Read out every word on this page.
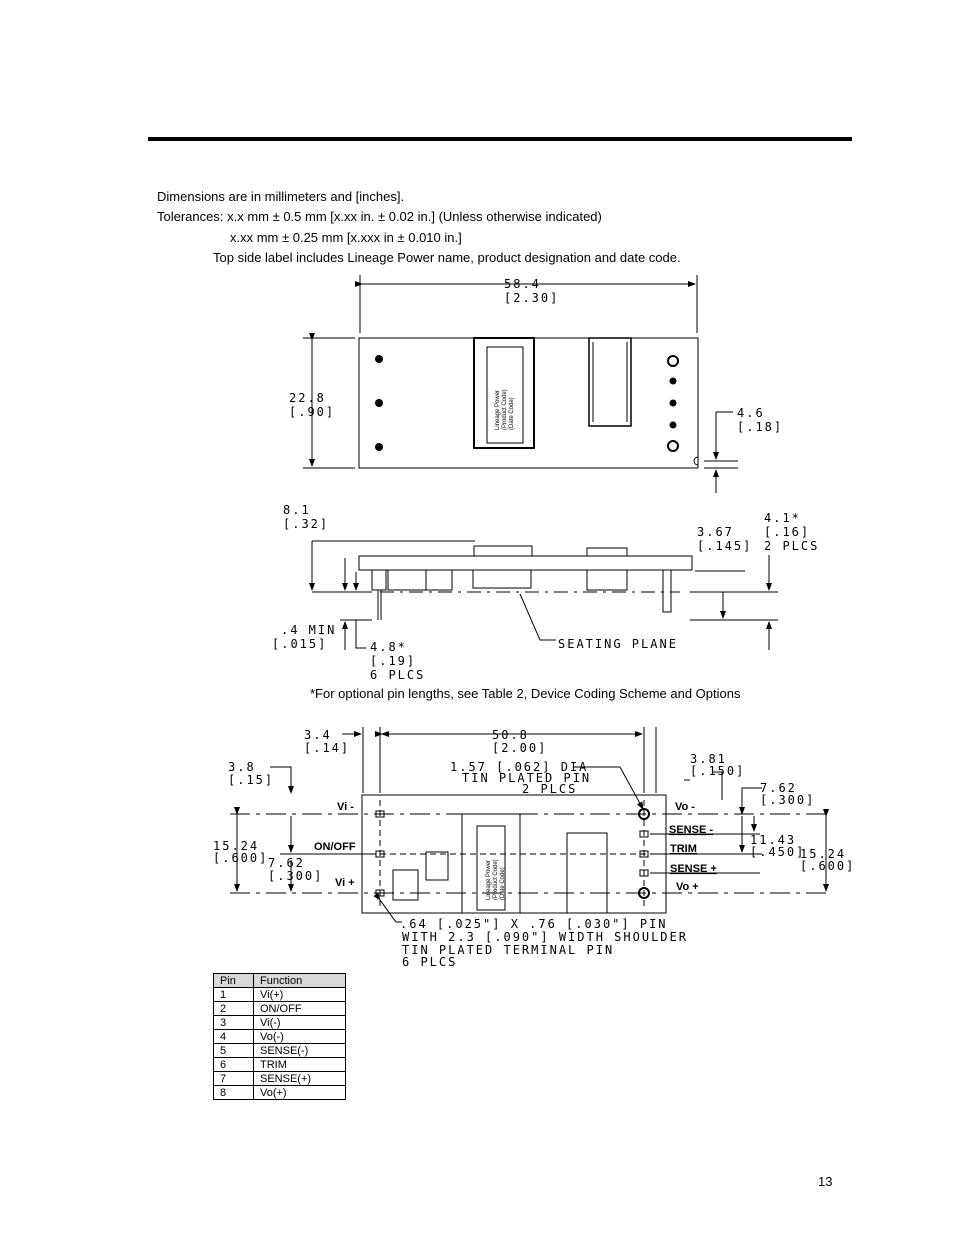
Dimensions are in millimeters and [inches].
Tolerances: x.x mm ± 0.5 mm [x.xx in. ± 0.02 in.] (Unless otherwise indicated)
x.xx mm ± 0.25 mm [x.xxx in ± 0.010 in.]
Top side label includes Lineage Power name, product designation and date code.
58.4
[2.30]
22.8
[.90]	4.6
[.18]
Lineage Power (Product Code) (Date Code)
8.1
[.32]
3.67
[.145]
4.1*
[.16]
2 PLCS
.4 MIN
[.015]	4.8*
[.19]
6 PLCS
SEATING PLANE
3.4
[.14]
50.8
[2.00]
3.8
[.15]
1.57 [.062] DIA
TIN PLATED PIN
2 PLCS
3.81
[.150]
7.62
[.300]
15.24
[.600] 7.62
[.300]
11.43
[.450]
15.24
[.600]
Vi -
ON/OFF
Vi +
Vo -
SENSE -
TRIM
SENSE +
Vo +
Lineage Power (Product Code) (Date Code)
.64 [.025"] X .76 [.030"] PIN
WITH 2.3 [.090"] WIDTH SHOULDER
TIN PLATED TERMINAL PIN
6 PLCS
*For optional pin lengths, see Table 2, Device Coding Scheme and Options
Pin	Function
1	Vi(+)
2	ON/OFF
3	Vi(-)
4	Vo(-)
5	SENSE(-)
6	TRIM
7	SENSE(+)
8	Vo(+)
13
